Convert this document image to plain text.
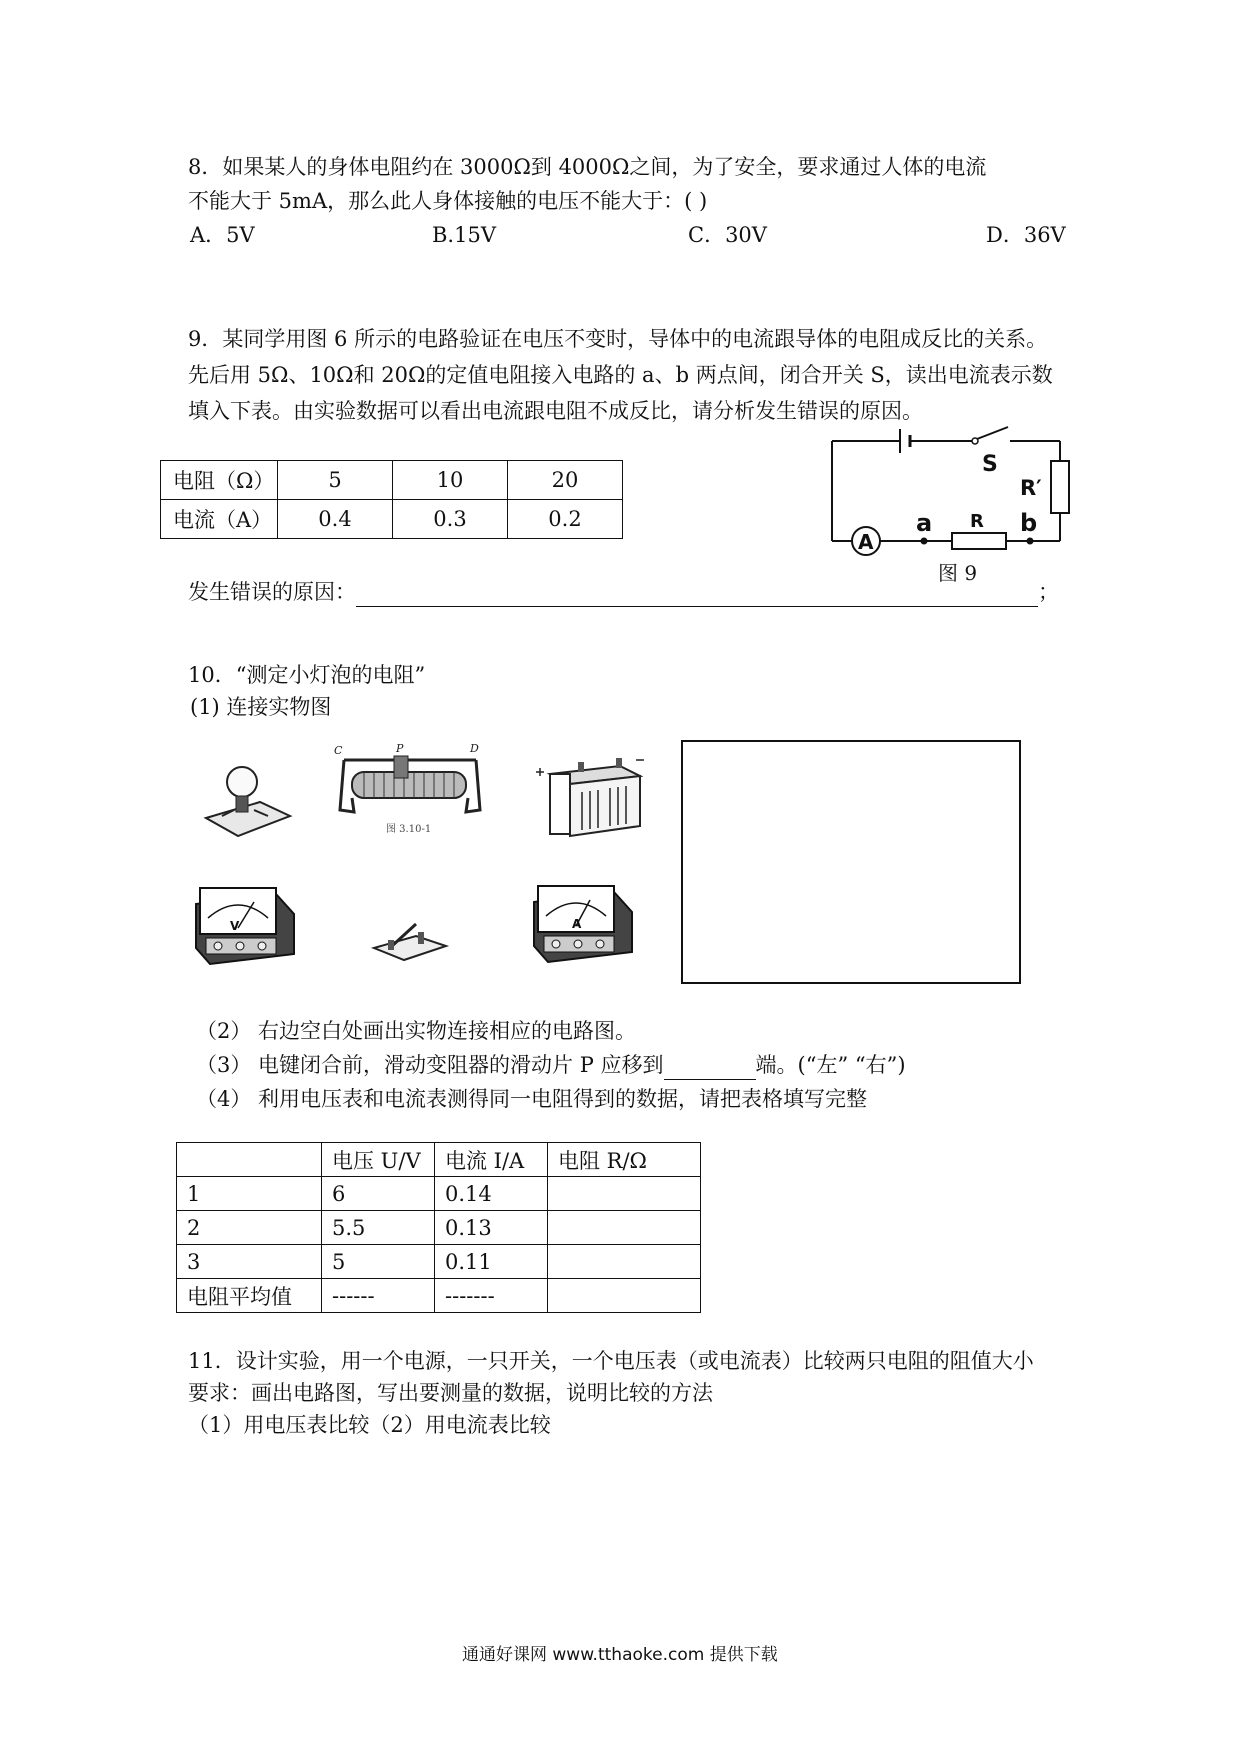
8．如果某人的身体电阻约在 3000Ω到 4000Ω之间，为了安全，要求通过人体的电流
不能大于 5mA，那么此人身体接触的电压不能大于：( )
A．5V	B.15V	C．30V	D．36V
9．某同学用图 6 所示的电路验证在电压不变时，导体中的电流跟导体的电阻成反比的关系。
先后用 5Ω、10Ω和 20Ω的定值电阻接入电路的 a、b 两点间，闭合开关 S，读出电流表示数
填入下表。由实验数据可以看出电流跟电阻不成反比，请分析发生错误的原因。
电阻（Ω）	5	10	20
电流（A）	0.4	0.3	0.2
S
R′
A
a R b
图 9
发生错误的原因：	；
10．“测定小灯泡的电阻”
(1) 连接实物图
C	P	D
图 3.10-1
V	A
（2） 右边空白处画出实物连接相应的电路图。
（3） 电键闭合前，滑动变阻器的滑动片 P 应移到	端。(“左” “右”)
（4） 利用电压表和电流表测得同一电阻得到的数据，请把表格填写完整
	电压 U/V	电流 I/A	电阻 R/Ω
1	6	0.14	
2	5.5	0.13	
3	5	0.11	
电阻平均值	------	-------	
11．设计实验，用一个电源，一只开关，一个电压表（或电流表）比较两只电阻的阻值大小
要求：画出电路图，写出要测量的数据，说明比较的方法
（1）用电压表比较（2）用电流表比较
通通好课网 www.tthaoke.com 提供下载
